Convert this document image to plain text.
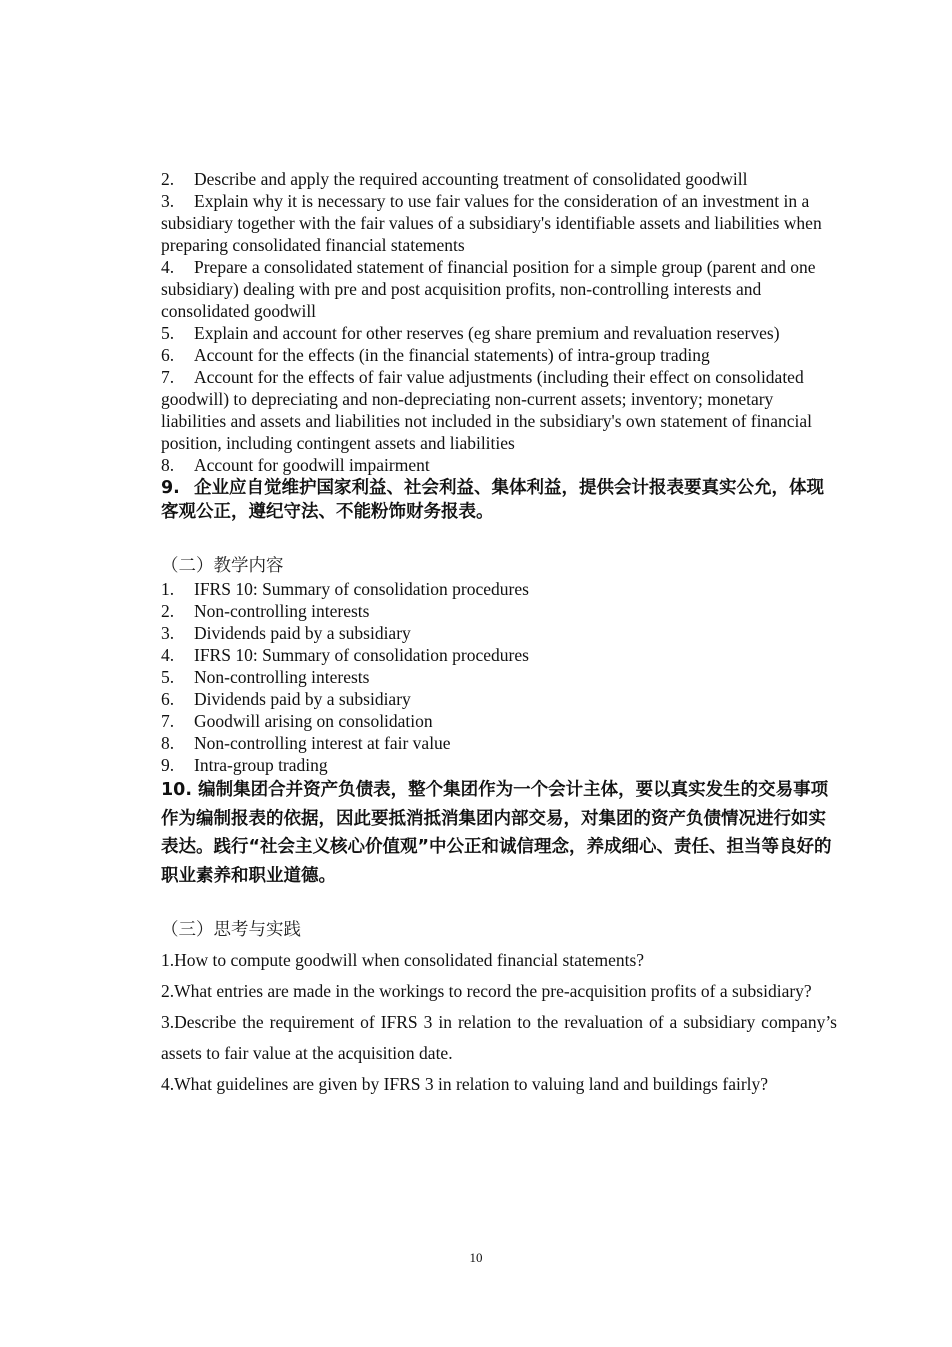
2. Describe and apply the required accounting treatment of consolidated goodwill

3. Explain why it is necessary to use fair values for the consideration of an investment in a subsidiary together with the fair values of a subsidiary's identifiable assets and liabilities when preparing consolidated financial statements

4. Prepare a consolidated statement of financial position for a simple group (parent and one subsidiary) dealing with pre and post acquisition profits, non-controlling interests and consolidated goodwill

5. Explain and account for other reserves (eg share premium and revaluation reserves)

6. Account for the effects (in the financial statements) of intra-group trading

7. Account for the effects of fair value adjustments (including their effect on consolidated goodwill) to depreciating and non-depreciating non-current assets; inventory; monetary liabilities and assets and liabilities not included in the subsidiary's own statement of financial position, including contingent assets and liabilities

8. Account for goodwill impairment

9. 企业应自觉维护国家利益、社会利益、集体利益，提供会计报表要真实公允，体现客观公正，遵纪守法、不能粉饰财务报表。

（二）教学内容

1. IFRS 10: Summary of consolidation procedures

2. Non-controlling interests

3. Dividends paid by a subsidiary

4. IFRS 10: Summary of consolidation procedures

5. Non-controlling interests

6. Dividends paid by a subsidiary

7. Goodwill arising on consolidation

8. Non-controlling interest at fair value

9. Intra-group trading

10. 编制集团合并资产负债表，整个集团作为一个会计主体，要以真实发生的交易事项作为编制报表的依据，因此要抵消抵消集团内部交易，对集团的资产负债情况进行如实表达。践行“社会主义核心价值观”中公正和诚信理念，养成细心、责任、担当等良好的职业素养和职业道德。

（三）思考与实践

1.How to compute goodwill when consolidated financial statements?

2.What entries are made in the workings to record the pre-acquisition profits of a subsidiary?

3.Describe the requirement of IFRS 3 in relation to the revaluation of a subsidiary company’s assets to fair value at the acquisition date.

4.What guidelines are given by IFRS 3 in relation to valuing land and buildings fairly?

10
